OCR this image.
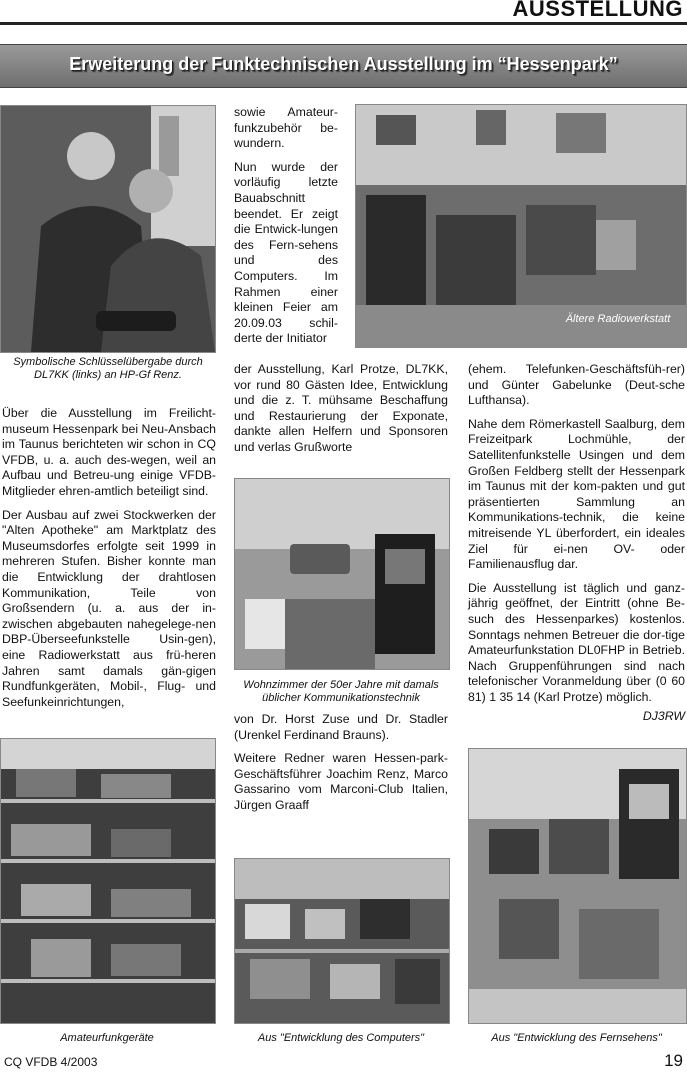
AUSSTELLUNG
Erweiterung der Funktechnischen Ausstellung im “Hessenpark”
Symbolische Schlüsselübergabe durch DL7KK (links) an HP-Gf Renz.
Ältere Radiowerkstatt

sowie Amateur-funkzubehör be-wundern.

Nun wurde der vorläufig letzte Bauabschnitt beendet. Er zeigt die Entwick-lungen des Fern-sehens und des Computers. Im Rahmen einer kleinen Feier am 20.09.03 schil-derte der Initiator

der Ausstellung, Karl Protze, DL7KK, vor rund 80 Gästen Idee, Entwicklung und die z. T. mühsame Beschaffung und Restaurierung der Exponate, dankte allen Helfern und Sponsoren und verlas Grußworte

Über die Ausstellung im Freilicht-museum Hessenpark bei Neu-Ansbach im Taunus berichteten wir schon in CQ VFDB, u. a. auch des-wegen, weil an Aufbau und Betreu-ung einige VFDB-Mitglieder ehren-amtlich beteiligt sind.

Der Ausbau auf zwei Stockwerken der "Alten Apotheke" am Marktplatz des Museumsdorfes erfolgte seit 1999 in mehreren Stufen. Bisher konnte man die Entwicklung der drahtlosen Kommunikation, Teile von Großsendern (u. a. aus der in-zwischen abgebauten nahegelege-nen DBP-Überseefunkstelle Usin-gen), eine Radiowerkstatt aus frü-heren Jahren samt damals gän-gigen Rundfunkgeräten, Mobil-, Flug- und Seefunkeinrichtungen,

Wohnzimmer der 50er Jahre mit damals üblicher Kommunikationstechnik

von Dr. Horst Zuse und Dr. Stadler (Urenkel Ferdinand Brauns).

Weitere Redner waren Hessen-park-Geschäftsführer Joachim Renz, Marco Gassarino vom Marconi-Club Italien, Jürgen Graaff

(ehem. Telefunken-Geschäftsfüh-rer) und Günter Gabelunke (Deut-sche Lufthansa).

Nahe dem Römerkastell Saalburg, dem Freizeitpark Lochmühle, der Satellitenfunkstelle Usingen und dem Großen Feldberg stellt der Hessenpark im Taunus mit der kom-pakten und gut präsentierten Sammlung an Kommunikations-technik, die keine mitreisende YL überfordert, ein ideales Ziel für ei-nen OV- oder Familienausflug dar.

Die Ausstellung ist täglich und ganz-jährig geöffnet, der Eintritt (ohne Be-such des Hessenparkes) kostenlos. Sonntags nehmen Betreuer die dor-tige Amateurfunkstation DL0FHP in Betrieb. Nach Gruppenführungen sind nach telefonischer Voranmeldung über (0 60 81) 1 35 14 (Karl Protze) möglich.

DJ3RW
Amateurfunkgeräte	Aus "Entwicklung des Computers"	Aus "Entwicklung des Fernsehens"
CQ VFDB 4/2003	19
